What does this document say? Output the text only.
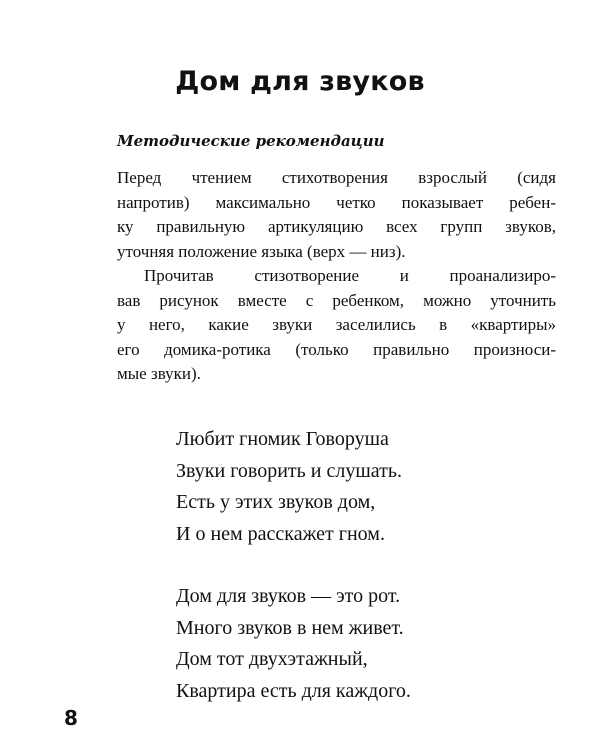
Дом для звуков
Методические рекомендации
Перед чтением стихотворения взрослый (сидя
напротив) максимально четко показывает ребен-
ку правильную артикуляцию всех групп звуков,
уточняя положение языка (верх — низ).
Прочитав стизотворение и проанализиро-
вав рисунок вместе с ребенком, можно уточнить
у него, какие звуки заселились в «квартиры»
его домика-ротика (только правильно произноси-
мые звуки).
Любит гномик Говоруша
Звуки говорить и слушать.
Есть у этих звуков дом,
И о нем расскажет гном.
Дом для звуков — это рот.
Много звуков в нем живет.
Дом тот двухэтажный,
Квартира есть для каждого.
8
